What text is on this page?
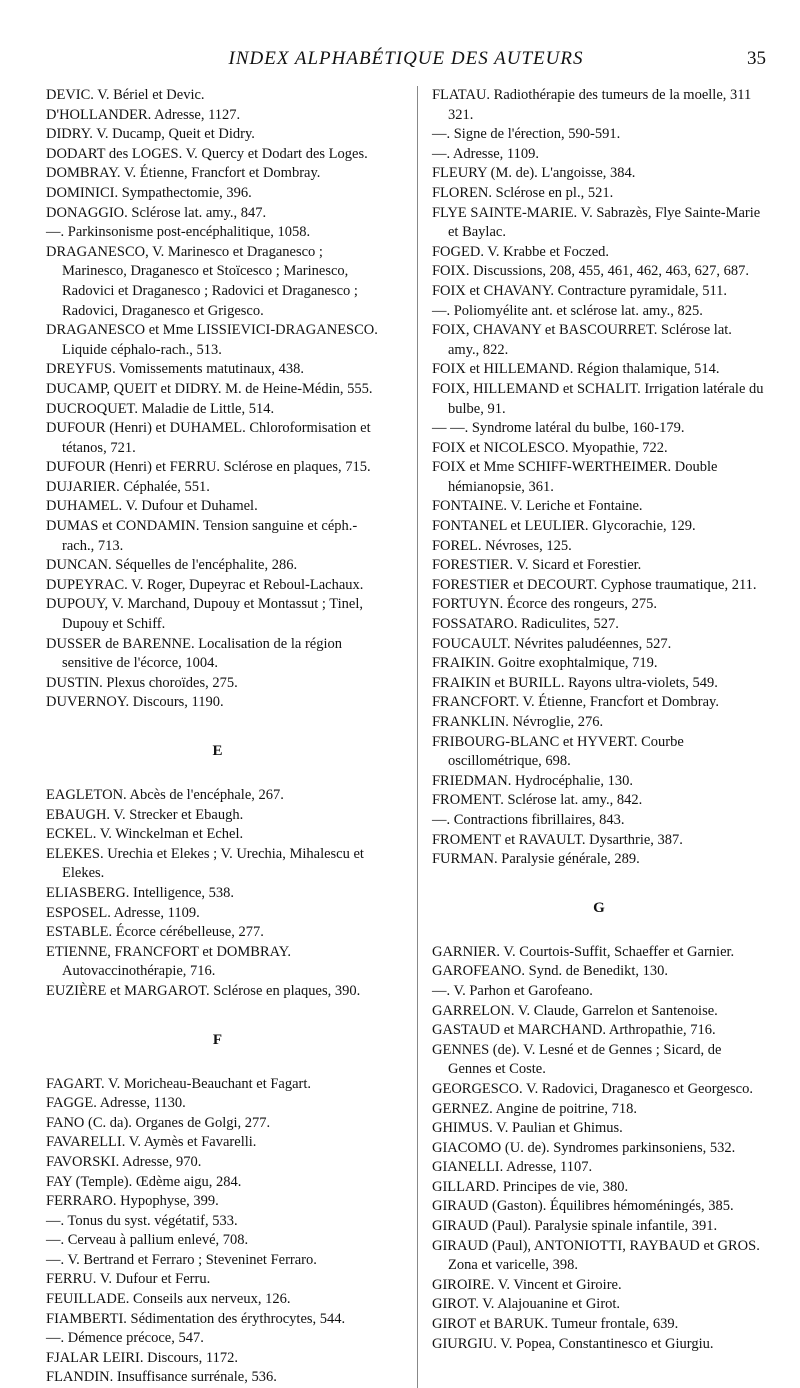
INDEX ALPHABÉTIQUE DES AUTEURS	35

DEVIC. V. Bériel et Devic.

D'HOLLANDER. Adresse, 1127.

DIDRY. V. Ducamp, Queit et Didry.

DODART des LOGES. V. Quercy et Dodart des Loges.

DOMBRAY. V. Étienne, Francfort et Dombray.

DOMINICI. Sympathectomie, 396.

DONAGGIO. Sclérose lat. amy., 847.

—. Parkinsonisme post-encéphalitique, 1058.

DRAGANESCO, V. Marinesco et Draganesco ; Marinesco, Draganesco et Stoïcesco ; Marinesco, Radovici et Draganesco ; Radovici et Draganesco ; Radovici, Draganesco et Grigesco.

DRAGANESCO et Mme LISSIEVICI-DRAGANESCO. Liquide céphalo-rach., 513.

DREYFUS. Vomissements matutinaux, 438.

DUCAMP, QUEIT et DIDRY. M. de Heine-Médin, 555.

DUCROQUET. Maladie de Little, 514.

DUFOUR (Henri) et DUHAMEL. Chloroformisation et tétanos, 721.

DUFOUR (Henri) et FERRU. Sclérose en plaques, 715.

DUJARIER. Céphalée, 551.

DUHAMEL. V. Dufour et Duhamel.

DUMAS et CONDAMIN. Tension sanguine et céph.-rach., 713.

DUNCAN. Séquelles de l'encéphalite, 286.

DUPEYRAC. V. Roger, Dupeyrac et Reboul-Lachaux.

DUPOUY, V. Marchand, Dupouy et Montassut ; Tinel, Dupouy et Schiff.

DUSSER de BARENNE. Localisation de la région sensitive de l'écorce, 1004.

DUSTIN. Plexus choroïdes, 275.

DUVERNOY. Discours, 1190.

E

EAGLETON. Abcès de l'encéphale, 267.

EBAUGH. V. Strecker et Ebaugh.

ECKEL. V. Winckelman et Echel.

ELEKES. Urechia et Elekes ; V. Urechia, Mihalescu et Elekes.

ELIASBERG. Intelligence, 538.

ESPOSEL. Adresse, 1109.

ESTABLE. Écorce cérébelleuse, 277.

ETIENNE, FRANCFORT et DOMBRAY. Autovaccinothérapie, 716.

EUZIÈRE et MARGAROT. Sclérose en plaques, 390.

F

FAGART. V. Moricheau-Beauchant et Fagart.

FAGGE. Adresse, 1130.

FANO (C. da). Organes de Golgi, 277.

FAVARELLI. V. Aymès et Favarelli.

FAVORSKI. Adresse, 970.

FAY (Temple). Œdème aigu, 284.

FERRARO. Hypophyse, 399.

—. Tonus du syst. végétatif, 533.

—. Cerveau à pallium enlevé, 708.

—. V. Bertrand et Ferraro ; Steveninet Ferraro.

FERRU. V. Dufour et Ferru.

FEUILLADE. Conseils aux nerveux, 126.

FIAMBERTI. Sédimentation des érythrocytes, 544.

—. Démence précoce, 547.

FJALAR LEIRI. Discours, 1172.

FLANDIN. Insuffisance surrénale, 536.

FLATAU. Radiothérapie des tumeurs de la moelle, 311 321.

—. Signe de l'érection, 590-591.

—. Adresse, 1109.

FLEURY (M. de). L'angoisse, 384.

FLOREN. Sclérose en pl., 521.

FLYE SAINTE-MARIE. V. Sabrazès, Flye Sainte-Marie et Baylac.

FOGED. V. Krabbe et Foczed.

FOIX. Discussions, 208, 455, 461, 462, 463, 627, 687.

FOIX et CHAVANY. Contracture pyramidale, 511.

—. Poliomyélite ant. et sclérose lat. amy., 825.

FOIX, CHAVANY et BASCOURRET. Sclérose lat. amy., 822.

FOIX et HILLEMAND. Région thalamique, 514.

FOIX, HILLEMAND et SCHALIT. Irrigation latérale du bulbe, 91.

— —. Syndrome latéral du bulbe, 160-179.

FOIX et NICOLESCO. Myopathie, 722.

FOIX et Mme SCHIFF-WERTHEIMER. Double hémianopsie, 361.

FONTAINE. V. Leriche et Fontaine.

FONTANEL et LEULIER. Glycorachie, 129.

FOREL. Névroses, 125.

FORESTIER. V. Sicard et Forestier.

FORESTIER et DECOURT. Cyphose traumatique, 211.

FORTUYN. Écorce des rongeurs, 275.

FOSSATARO. Radiculites, 527.

FOUCAULT. Névrites paludéennes, 527.

FRAIKIN. Goitre exophtalmique, 719.

FRAIKIN et BURILL. Rayons ultra-violets, 549.

FRANCFORT. V. Étienne, Francfort et Dombray.

FRANKLIN. Névroglie, 276.

FRIBOURG-BLANC et HYVERT. Courbe oscillométrique, 698.

FRIEDMAN. Hydrocéphalie, 130.

FROMENT. Sclérose lat. amy., 842.

—. Contractions fibrillaires, 843.

FROMENT et RAVAULT. Dysarthrie, 387.

FURMAN. Paralysie générale, 289.

G

GARNIER. V. Courtois-Suffit, Schaeffer et Garnier.

GAROFEANO. Synd. de Benedikt, 130.

—. V. Parhon et Garofeano.

GARRELON. V. Claude, Garrelon et Santenoise.

GASTAUD et MARCHAND. Arthropathie, 716.

GENNES (de). V. Lesné et de Gennes ; Sicard, de Gennes et Coste.

GEORGESCO. V. Radovici, Draganesco et Georgesco.

GERNEZ. Angine de poitrine, 718.

GHIMUS. V. Paulian et Ghimus.

GIACOMO (U. de). Syndromes parkinsoniens, 532.

GIANELLI. Adresse, 1107.

GILLARD. Principes de vie, 380.

GIRAUD (Gaston). Équilibres hémoméningés, 385.

GIRAUD (Paul). Paralysie spinale infantile, 391.

GIRAUD (Paul), ANTONIOTTI, RAYBAUD et GROS. Zona et varicelle, 398.

GIROIRE. V. Vincent et Giroire.

GIROT. V. Alajouanine et Girot.

GIROT et BARUK. Tumeur frontale, 639.

GIURGIU. V. Popea, Constantinesco et Giurgiu.
